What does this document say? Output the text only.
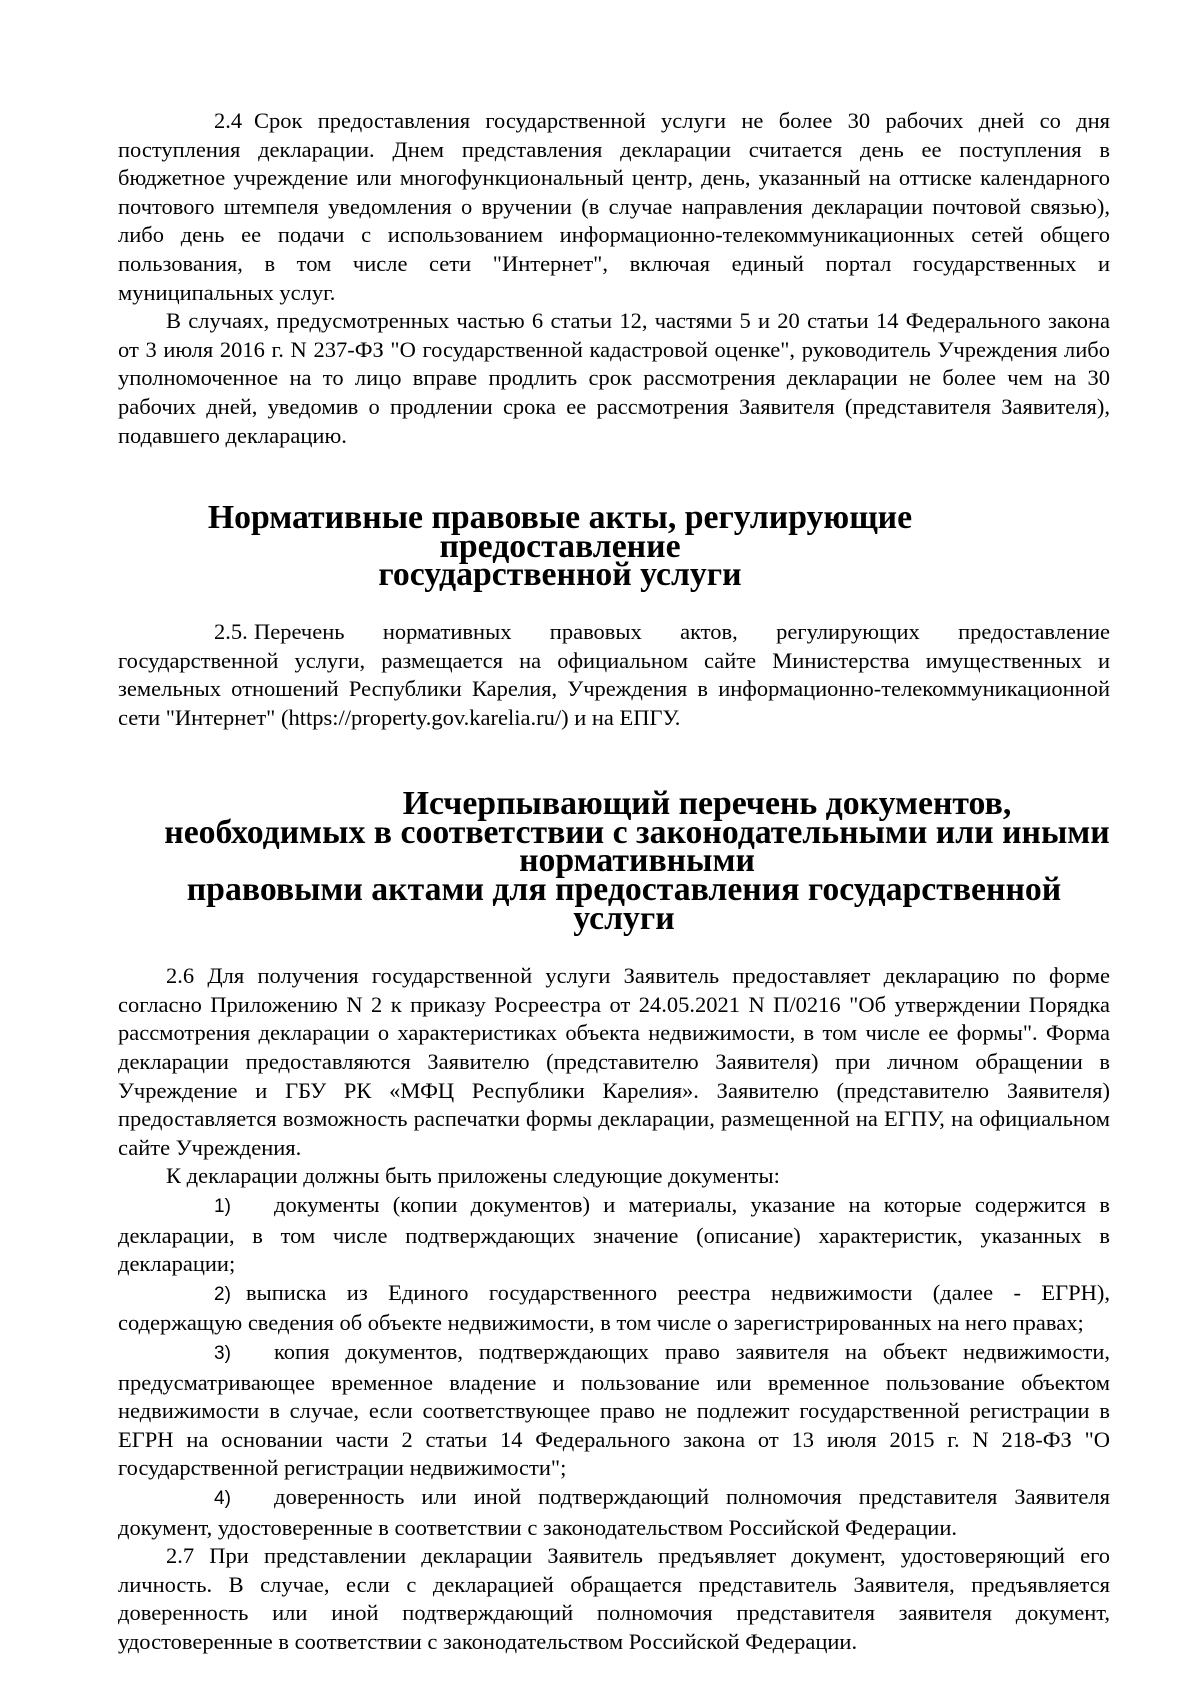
2.4 Срок предоставления государственной услуги не более 30 рабочих дней со дня поступления декларации. Днем представления декларации считается день ее поступления в бюджетное учреждение или многофункциональный центр, день, указанный на оттиске календарного почтового штемпеля уведомления о вручении (в случае направления декларации почтовой связью), либо день ее подачи с использованием информационно-телекоммуникационных сетей общего пользования, в том числе сети "Интернет", включая единый портал государственных и муниципальных услуг.

В случаях, предусмотренных частью 6 статьи 12, частями 5 и 20 статьи 14 Федерального закона от 3 июля 2016 г. N 237-ФЗ "О государственной кадастровой оценке", руководитель Учреждения либо уполномоченное на то лицо вправе продлить срок рассмотрения декларации не более чем на 30 рабочих дней, уведомив о продлении срока ее рассмотрения Заявителя (представителя Заявителя), подавшего декларацию.

Нормативные правовые акты, регулирующие предоставление
государственной услуги

2.5. Перечень нормативных правовых актов, регулирующих предоставление государственной услуги, размещается на официальном сайте Министерства имущественных и земельных отношений Республики Карелия, Учреждения в информационно-телекоммуникационной сети "Интернет" (https://property.gov.karelia.ru/) и на ЕПГУ.

Исчерпывающий перечень документов,
необходимых в соответствии с законодательными или иными нормативными
правовыми актами для предоставления государственной услуги

2.6 Для получения государственной услуги Заявитель предоставляет декларацию по форме согласно Приложению N 2 к приказу Росреестра от 24.05.2021 N П/0216 "Об утверждении Порядка рассмотрения декларации о характеристиках объекта недвижимости, в том числе ее формы". Форма декларации предоставляются Заявителю (представителю Заявителя) при личном обращении в Учреждение и ГБУ РК «МФЦ Республики Карелия». Заявителю (представителю Заявителя) предоставляется возможность распечатки формы декларации, размещенной на ЕГПУ, на официальном сайте Учреждения.

К декларации должны быть приложены следующие документы:

1) документы (копии документов) и материалы, указание на которые содержится в декларации, в том числе подтверждающих значение (описание) характеристик, указанных в декларации;

2) выписка из Единого государственного реестра недвижимости (далее - ЕГРН), содержащую сведения об объекте недвижимости, в том числе о зарегистрированных на него правах;

3) копия документов, подтверждающих право заявителя на объект недвижимости, предусматривающее временное владение и пользование или временное пользование объектом недвижимости в случае, если соответствующее право не подлежит государственной регистрации в ЕГРН на основании части 2 статьи 14 Федерального закона от 13 июля 2015 г. N 218-ФЗ "О государственной регистрации недвижимости";

4) доверенность или иной подтверждающий полномочия представителя Заявителя документ, удостоверенные в соответствии с законодательством Российской Федерации.

2.7 При представлении декларации Заявитель предъявляет документ, удостоверяющий его личность. В случае, если с декларацией обращается представитель Заявителя, предъявляется доверенность или иной подтверждающий полномочия представителя заявителя документ, удостоверенные в соответствии с законодательством Российской Федерации.
